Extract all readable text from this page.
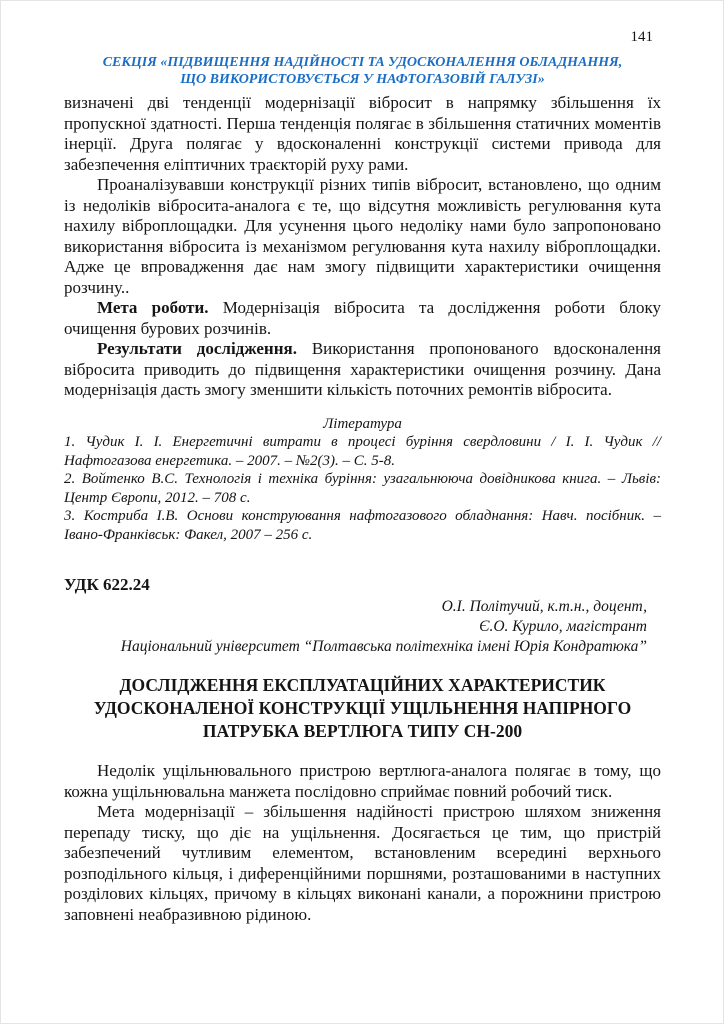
141
СЕКЦІЯ «ПІДВИЩЕННЯ НАДІЙНОСТІ ТА УДОСКОНАЛЕННЯ ОБЛАДНАННЯ,
ЩО ВИКОРИСТОВУЄТЬСЯ У НАФТОГАЗОВІЙ ГАЛУЗІ»

визначені дві тенденції модернізації вібросит в напрямку збільшення їх пропускної здатності. Перша тенденція полягає в збільшення статичних моментів інерції. Друга полягає у вдосконаленні конструкції системи привода для забезпечення еліптичних траєкторій руху рами.

Проаналізувавши конструкції різних типів вібросит, встановлено, що одним із недоліків вібросита-аналога є те, що відсутня можливість регулювання кута нахилу віброплощадки. Для усунення цього недоліку нами було запропоновано використання вібросита із механізмом регулювання кута нахилу віброплощадки. Адже це впровадження дає нам змогу підвищити характеристики очищення розчину..

Мета роботи. Модернізація вібросита та дослідження роботи блоку очищення бурових розчинів.

Результати дослідження. Використання пропонованого вдосконалення вібросита приводить до підвищення характеристики очищення розчину. Дана модернізація дасть змогу зменшити кількість поточних ремонтів вібросита.

Література

1. Чудик І. І. Енергетичні витрати в процесі буріння свердловини / І. І. Чудик // Нафтогазова енергетика. – 2007. – №2(3). – С. 5-8.

2. Войтенко В.С. Технологія і техніка буріння: узагальнююча довідникова книга. – Львів: Центр Європи, 2012. – 708 с.

3. Костриба І.В. Основи конструювання нафтогазового обладнання: Навч. посібник. – Івано-Франківськ: Факел, 2007 – 256 с.

УДК 622.24
О.І. Політучий, к.т.н., доцент,
Є.О. Курило, магістрант
Національний університет “Полтавська політехніка імені Юрія Кондратюка”
ДОСЛІДЖЕННЯ ЕКСПЛУАТАЦІЙНИХ ХАРАКТЕРИСТИК
УДОСКОНАЛЕНОЇ КОНСТРУКЦІЇ УЩІЛЬНЕННЯ НАПІРНОГО
ПАТРУБКА ВЕРТЛЮГА ТИПУ СН-200

Недолік ущільнювального пристрою вертлюга-аналога полягає в тому, що кожна ущільнювальна манжета послідовно сприймає повний робочий тиск.

Мета модернізації – збільшення надійності пристрою шляхом зниження перепаду тиску, що діє на ущільнення. Досягається це тим, що пристрій забезпечений чутливим елементом, встановленим всередині верхнього розподільного кільця, і диференційними поршнями, розташованими в наступних розділових кільцях, причому в кільцях виконані канали, а порожнини пристрою заповнені неабразивною рідиною.
